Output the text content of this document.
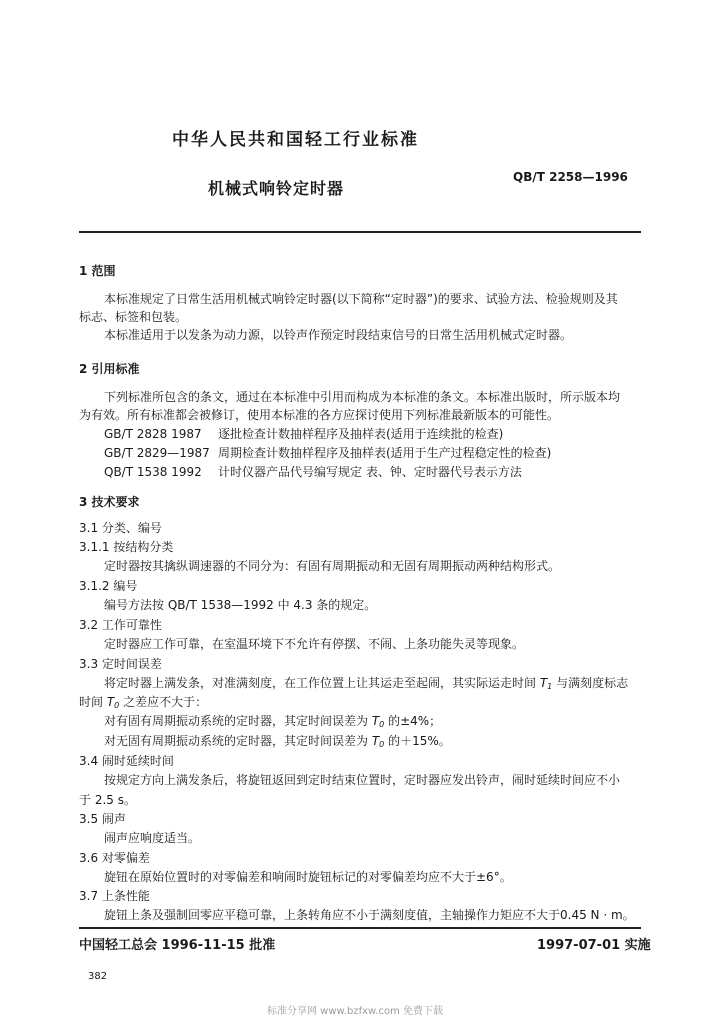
中华人民共和国轻工行业标准
机械式响铃定时器
QB/T 2258—1996
1 范围
本标准规定了日常生活用机械式响铃定时器(以下简称“定时器”)的要求、试验方法、检验规则及其
标志、标签和包装。
本标准适用于以发条为动力源，以铃声作预定时段结束信号的日常生活用机械式定时器。
2 引用标准
下列标准所包含的条文，通过在本标准中引用而构成为本标准的条文。本标准出版时，所示版本均
为有效。所有标准都会被修订，使用本标准的各方应探讨使用下列标准最新版本的可能性。
GB/T 2828 1987 逐批检查计数抽样程序及抽样表(适用于连续批的检查)
GB/T 2829—1987 周期检查计数抽样程序及抽样表(适用于生产过程稳定性的检查)
QB/T 1538 1992 计时仪器产品代号编写规定 表、钟、定时器代号表示方法
3 技术要求
3.1 分类、编号
3.1.1 按结构分类
定时器按其擒纵调速器的不同分为：有固有周期振动和无固有周期振动两种结构形式。
3.1.2 编号
编号方法按 QB/T 1538—1992 中 4.3 条的规定。
3.2 工作可靠性
定时器应工作可靠，在室温环境下不允许有停摆、不闹、上条功能失灵等现象。
3.3 定时间误差
将定时器上满发条，对准满刻度，在工作位置上让其运走至起闹，其实际运走时间 $T_1$ 与满刻度标志
时间 $T_0$ 之差应不大于：
对有固有周期振动系统的定时器，其定时间误差为 $T_0$ 的±4%；
对无固有周期振动系统的定时器，其定时间误差为 $T_0$ 的＋15%。
3.4 闹时延续时间
按规定方向上满发条后，将旋钮返回到定时结束位置时，定时器应发出铃声，闹时延续时间应不小
于 2.5 s。
3.5 闹声
闹声应响度适当。
3.6 对零偏差
旋钮在原始位置时的对零偏差和响闹时旋钮标记的对零偏差均应不大于±6°。
3.7 上条性能
旋钮上条及强制回零应平稳可靠，上条转角应不小于满刻度值，主轴操作力矩应不大于0.45 N · m。
中国轻工总会 1996-11-15 批准	1997-07-01 实施
382
标准分享网 www.bzfxw.com 免费下载
